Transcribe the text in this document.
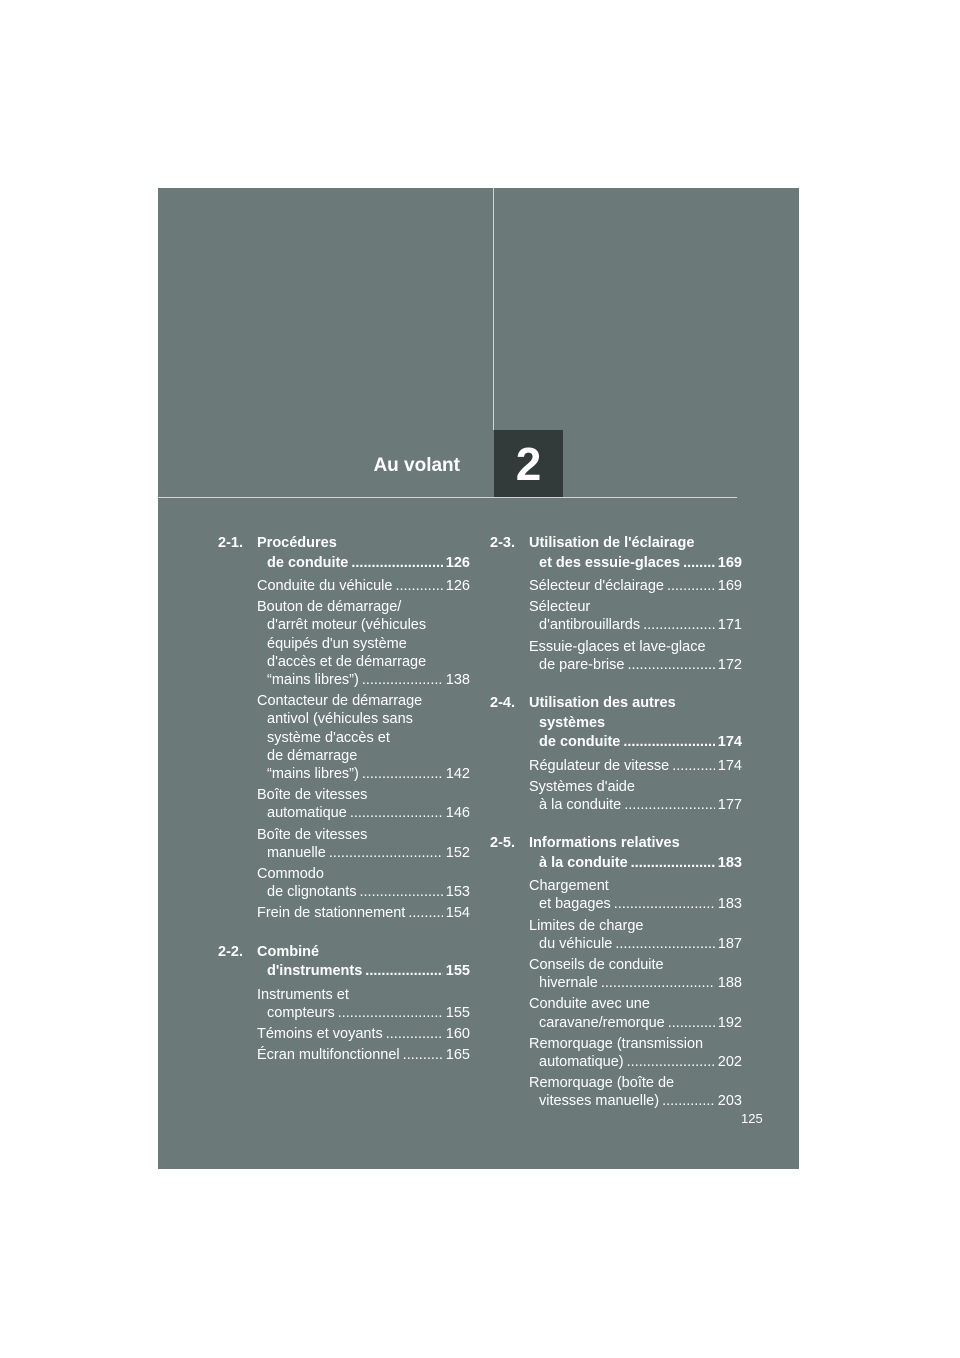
Au volant 2
2-1. Procédures
de conduite .....	126
Conduite du véhicule .....	126
Bouton de démarrage/
d'arrêt moteur (véhicules
équipés d'un système
d'accès et de démarrage
“mains libres”) .....	138
Contacteur de démarrage
antivol (véhicules sans
système d'accès et
de démarrage
“mains libres”) .....	142
Boîte de vitesses
automatique .....	146
Boîte de vitesses
manuelle .....	152
Commodo
de clignotants .....	153
Frein de stationnement .....	154
2-2. Combiné
d'instruments .....	155
Instruments et
compteurs .....	155
Témoins et voyants .....	160
Écran multifonctionnel .....	165
2-3. Utilisation de l'éclairage
et des essuie-glaces .....	169
Sélecteur d'éclairage .....	169
Sélecteur
d'antibrouillards .....	171
Essuie-glaces et lave-glace
de pare-brise .....	172
2-4. Utilisation des autres
systèmes
de conduite .....	174
Régulateur de vitesse .....	174
Systèmes d'aide
à la conduite .....	177
2-5. Informations relatives
à la conduite .....	183
Chargement
et bagages .....	183
Limites de charge
du véhicule .....	187
Conseils de conduite
hivernale .....	188
Conduite avec une
caravane/remorque .....	192
Remorquage (transmission
automatique) .....	202
Remorquage (boîte de
vitesses manuelle) .....	203
125
